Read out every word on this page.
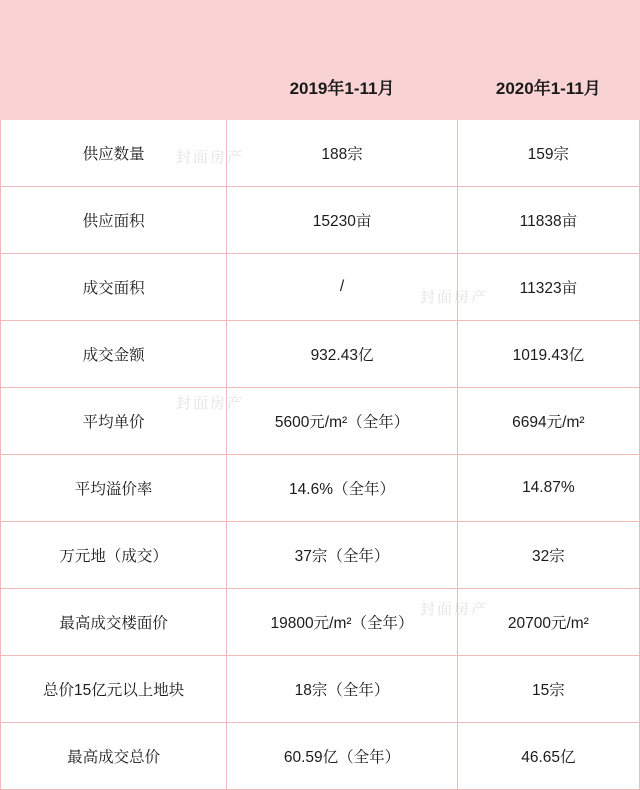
	2019年1-11月	2020年1-11月
供应数量	188宗	159宗
供应面积	15230亩	11838亩
成交面积	/	11323亩
成交金额	932.43亿	1019.43亿
平均单价	5600元/m²（全年）	6694元/m²
平均溢价率	14.6%（全年）	14.87%
万元地（成交）	37宗（全年）	32宗
最高成交楼面价	19800元/m²（全年）	20700元/m²
总价15亿元以上地块	18宗（全年）	15宗
最高成交总价	60.59亿（全年）	46.65亿
封面房产
封面房产
封面房产
封面房产
